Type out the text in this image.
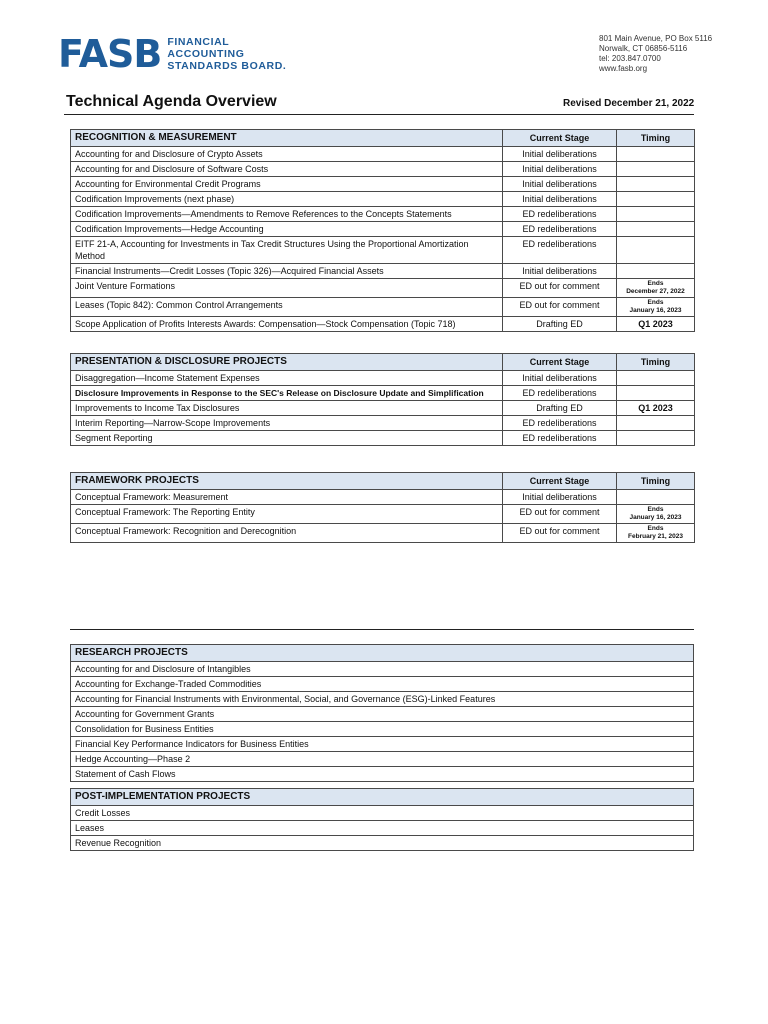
FASB FINANCIAL
ACCOUNTING
STANDARDS BOARD.
801 Main Avenue, PO Box 5116
Norwalk, CT 06856-5116
tel: 203.847.0700
www.fasb.org
Technical Agenda Overview	Revised December 21, 2022
RECOGNITION & MEASUREMENT	Current Stage	Timing
Accounting for and Disclosure of Crypto Assets	Initial deliberations	
Accounting for and Disclosure of Software Costs	Initial deliberations	
Accounting for Environmental Credit Programs	Initial deliberations	
Codification Improvements (next phase)	Initial deliberations	
Codification Improvements—Amendments to Remove References to the Concepts Statements	ED redeliberations	
Codification Improvements—Hedge Accounting	ED redeliberations	
EITF 21-A, Accounting for Investments in Tax Credit Structures Using the Proportional Amortization Method	ED redeliberations	
Financial Instruments—Credit Losses (Topic 326)—Acquired Financial Assets	Initial deliberations	
Joint Venture Formations	ED out for comment	Ends
December 27, 2022

Leases (Topic 842): Common Control Arrangements	ED out for comment	Ends
January 16, 2023

Scope Application of Profits Interests Awards: Compensation—Stock Compensation (Topic 718)	Drafting ED	Q1 2023
PRESENTATION & DISCLOSURE PROJECTS	Current Stage	Timing
Disaggregation—Income Statement Expenses	Initial deliberations	
Disclosure Improvements in Response to the SEC's Release on Disclosure Update and Simplification	ED redeliberations	
Improvements to Income Tax Disclosures	Drafting ED	Q1 2023
Interim Reporting—Narrow-Scope Improvements	ED redeliberations	
Segment Reporting	ED redeliberations	
FRAMEWORK PROJECTS	Current Stage	Timing
Conceptual Framework: Measurement	Initial deliberations	
Conceptual Framework: The Reporting Entity	ED out for comment	Ends
January 16, 2023

Conceptual Framework: Recognition and Derecognition	ED out for comment	Ends
February 21, 2023
RESEARCH PROJECTS
Accounting for and Disclosure of Intangibles
Accounting for Exchange-Traded Commodities
Accounting for Financial Instruments with Environmental, Social, and Governance (ESG)-Linked Features
Accounting for Government Grants
Consolidation for Business Entities
Financial Key Performance Indicators for Business Entities
Hedge Accounting—Phase 2
Statement of Cash Flows
POST-IMPLEMENTATION PROJECTS
Credit Losses
Leases
Revenue Recognition
